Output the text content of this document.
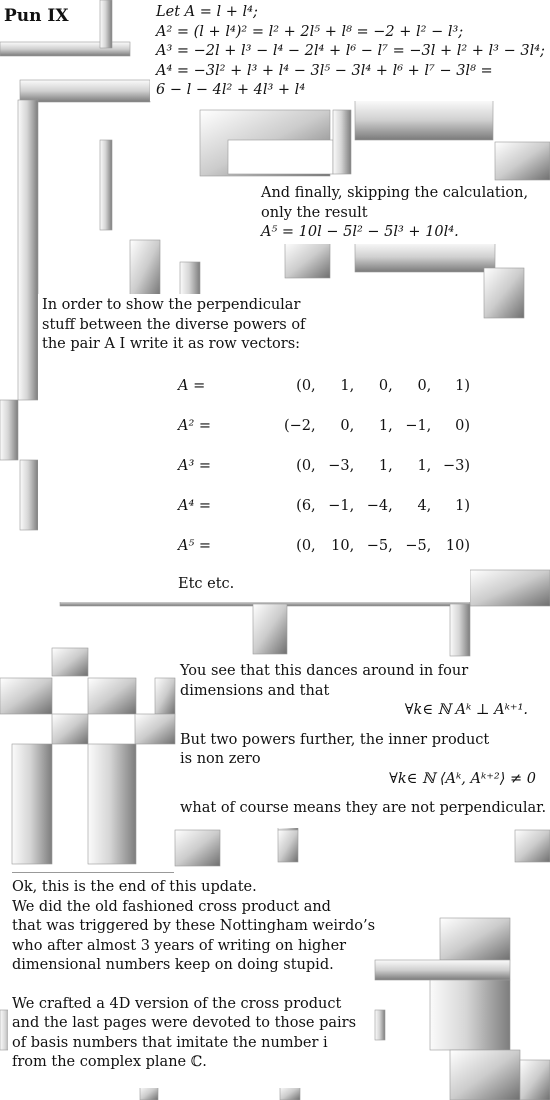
Pun IX	Let A = l + l⁴;
A² = (l + l⁴)² = l² + 2l⁵ + l⁸ = −2 + l² − l³;
A³ = −2l + l³ − l⁴ − 2l⁴ + l⁶ − l⁷ = −3l + l² + l³ − 3l⁴;
A⁴ = −3l² + l³ + l⁴ − 3l⁵ − 3l⁴ + l⁶ + l⁷ − 3l⁸ =
6 − l − 4l² + 4l³ + l⁴
And finally, skipping the calculation,
only the result
A⁵ = 10l − 5l² − 5l³ + 10l⁴.
In order to show the perpendicular
stuff between the diverse powers of
the pair A I write it as row vectors:
A =	(0,	1,	0,	0,	1)
A² =	(−2,	0,	1,	−1,	0)
A³ =	(0,	−3,	1,	1,	−3)
A⁴ =	(6,	−1,	−4,	4,	1)
A⁵ =	(0,	10,	−5,	−5,	10)
Etc etc.
You see that this dances around in four
dimensions and that
∀k∈ ℕ Aᵏ ⊥ Aᵏ⁺¹.
But two powers further, the inner product
is non zero
∀k∈ ℕ ⟨Aᵏ, Aᵏ⁺²⟩ ≠ 0
what of course means they are not perpendicular.
Ok, this is the end of this update.
We did the old fashioned cross product and
that was triggered by these Nottingham weirdo’s
who after almost 3 years of writing on higher
dimensional numbers keep on doing stupid.
We crafted a 4D version of the cross product
and the last pages were devoted to those pairs
of basis numbers that imitate the number i
from the complex plane ℂ.
